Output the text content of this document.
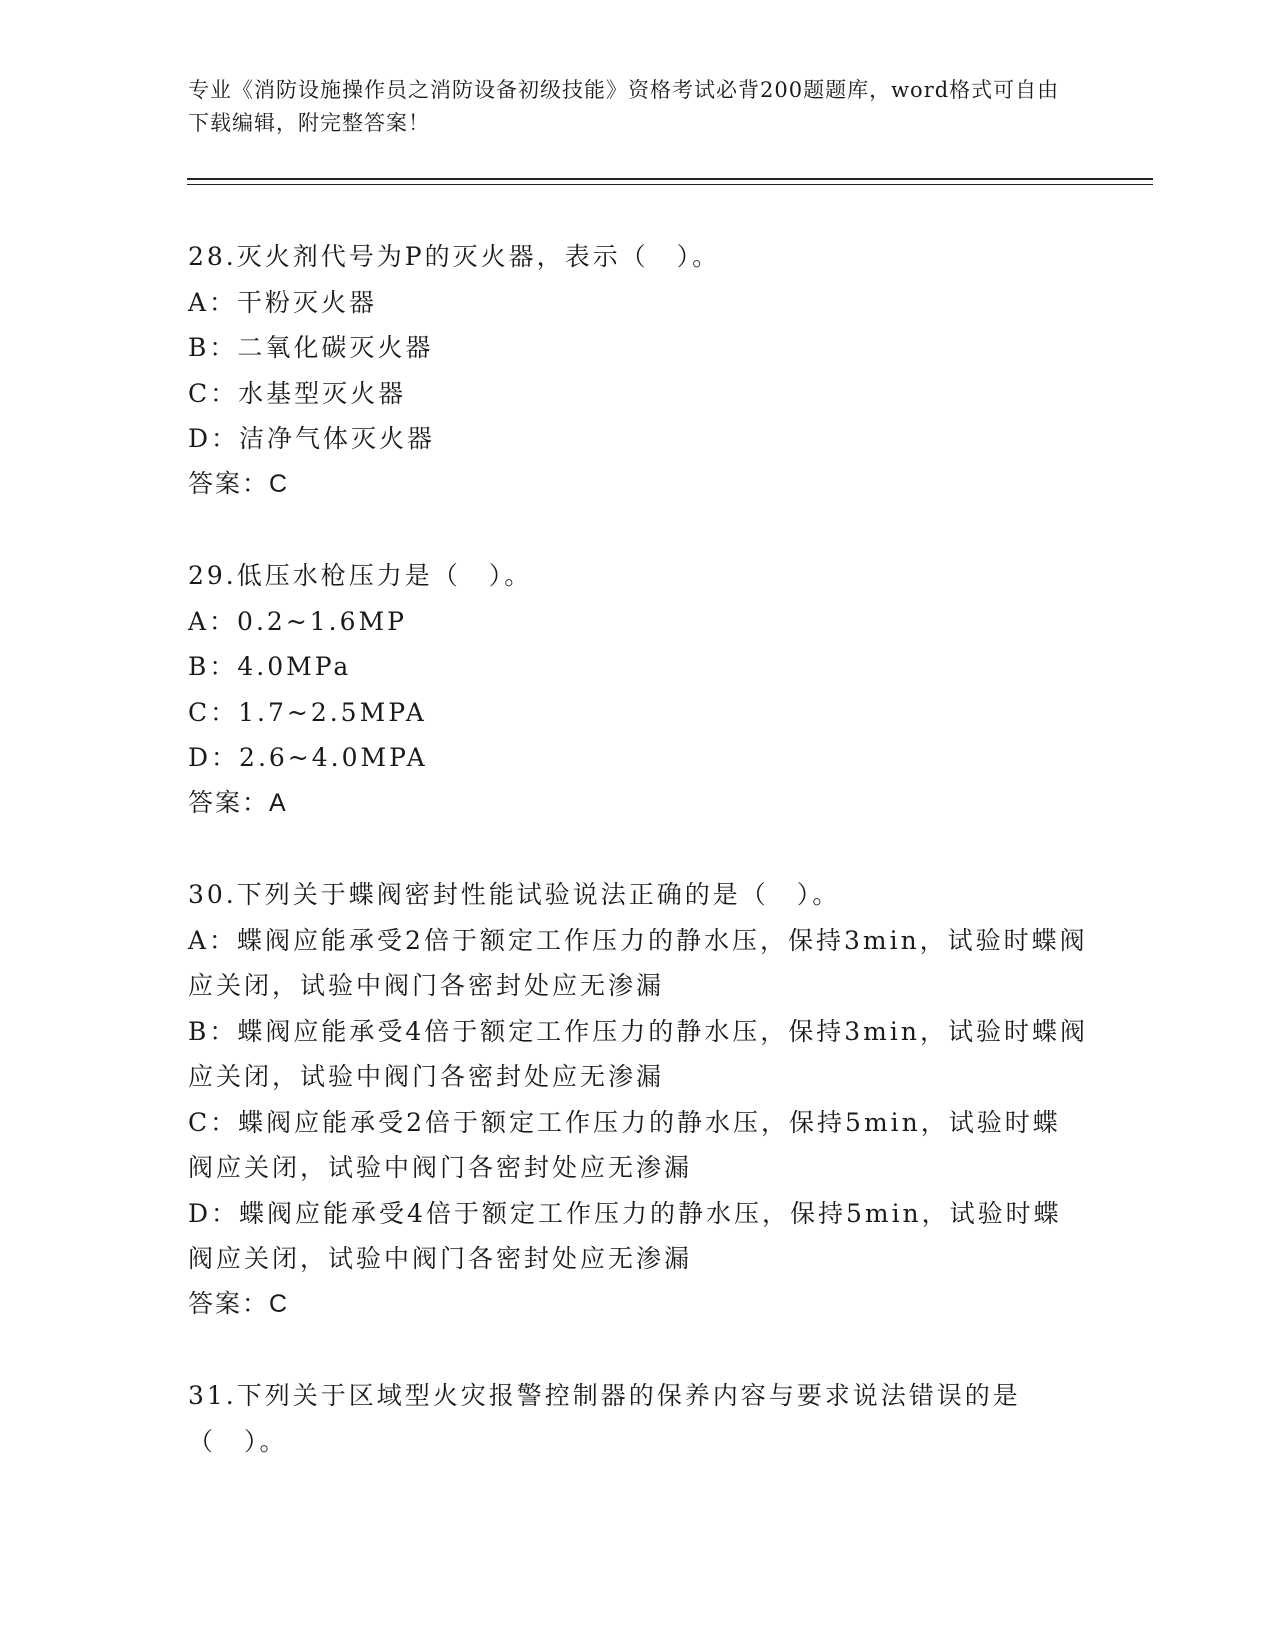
专业《消防设施操作员之消防设备初级技能》资格考试必背200题题库，word格式可自由下载编辑，附完整答案！
28.灭火剂代号为P的灭火器，表示（　）。
A：干粉灭火器
B：二氧化碳灭火器
C：水基型灭火器
D：洁净气体灭火器
答案：C
29.低压水枪压力是（　）。
A：0.2~1.6MP
B：4.0MPa
C：1.7~2.5MPA
D：2.6~4.0MPA
答案：A
30.下列关于蝶阀密封性能试验说法正确的是（　）。
A：蝶阀应能承受2倍于额定工作压力的静水压，保持3min，试验时蝶阀应关闭，试验中阀门各密封处应无渗漏
B：蝶阀应能承受4倍于额定工作压力的静水压，保持3min，试验时蝶阀应关闭，试验中阀门各密封处应无渗漏
C：蝶阀应能承受2倍于额定工作压力的静水压，保持5min，试验时蝶阀应关闭，试验中阀门各密封处应无渗漏
D：蝶阀应能承受4倍于额定工作压力的静水压，保持5min，试验时蝶阀应关闭，试验中阀门各密封处应无渗漏
答案：C
31.下列关于区域型火灾报警控制器的保养内容与要求说法错误的是（　）。
